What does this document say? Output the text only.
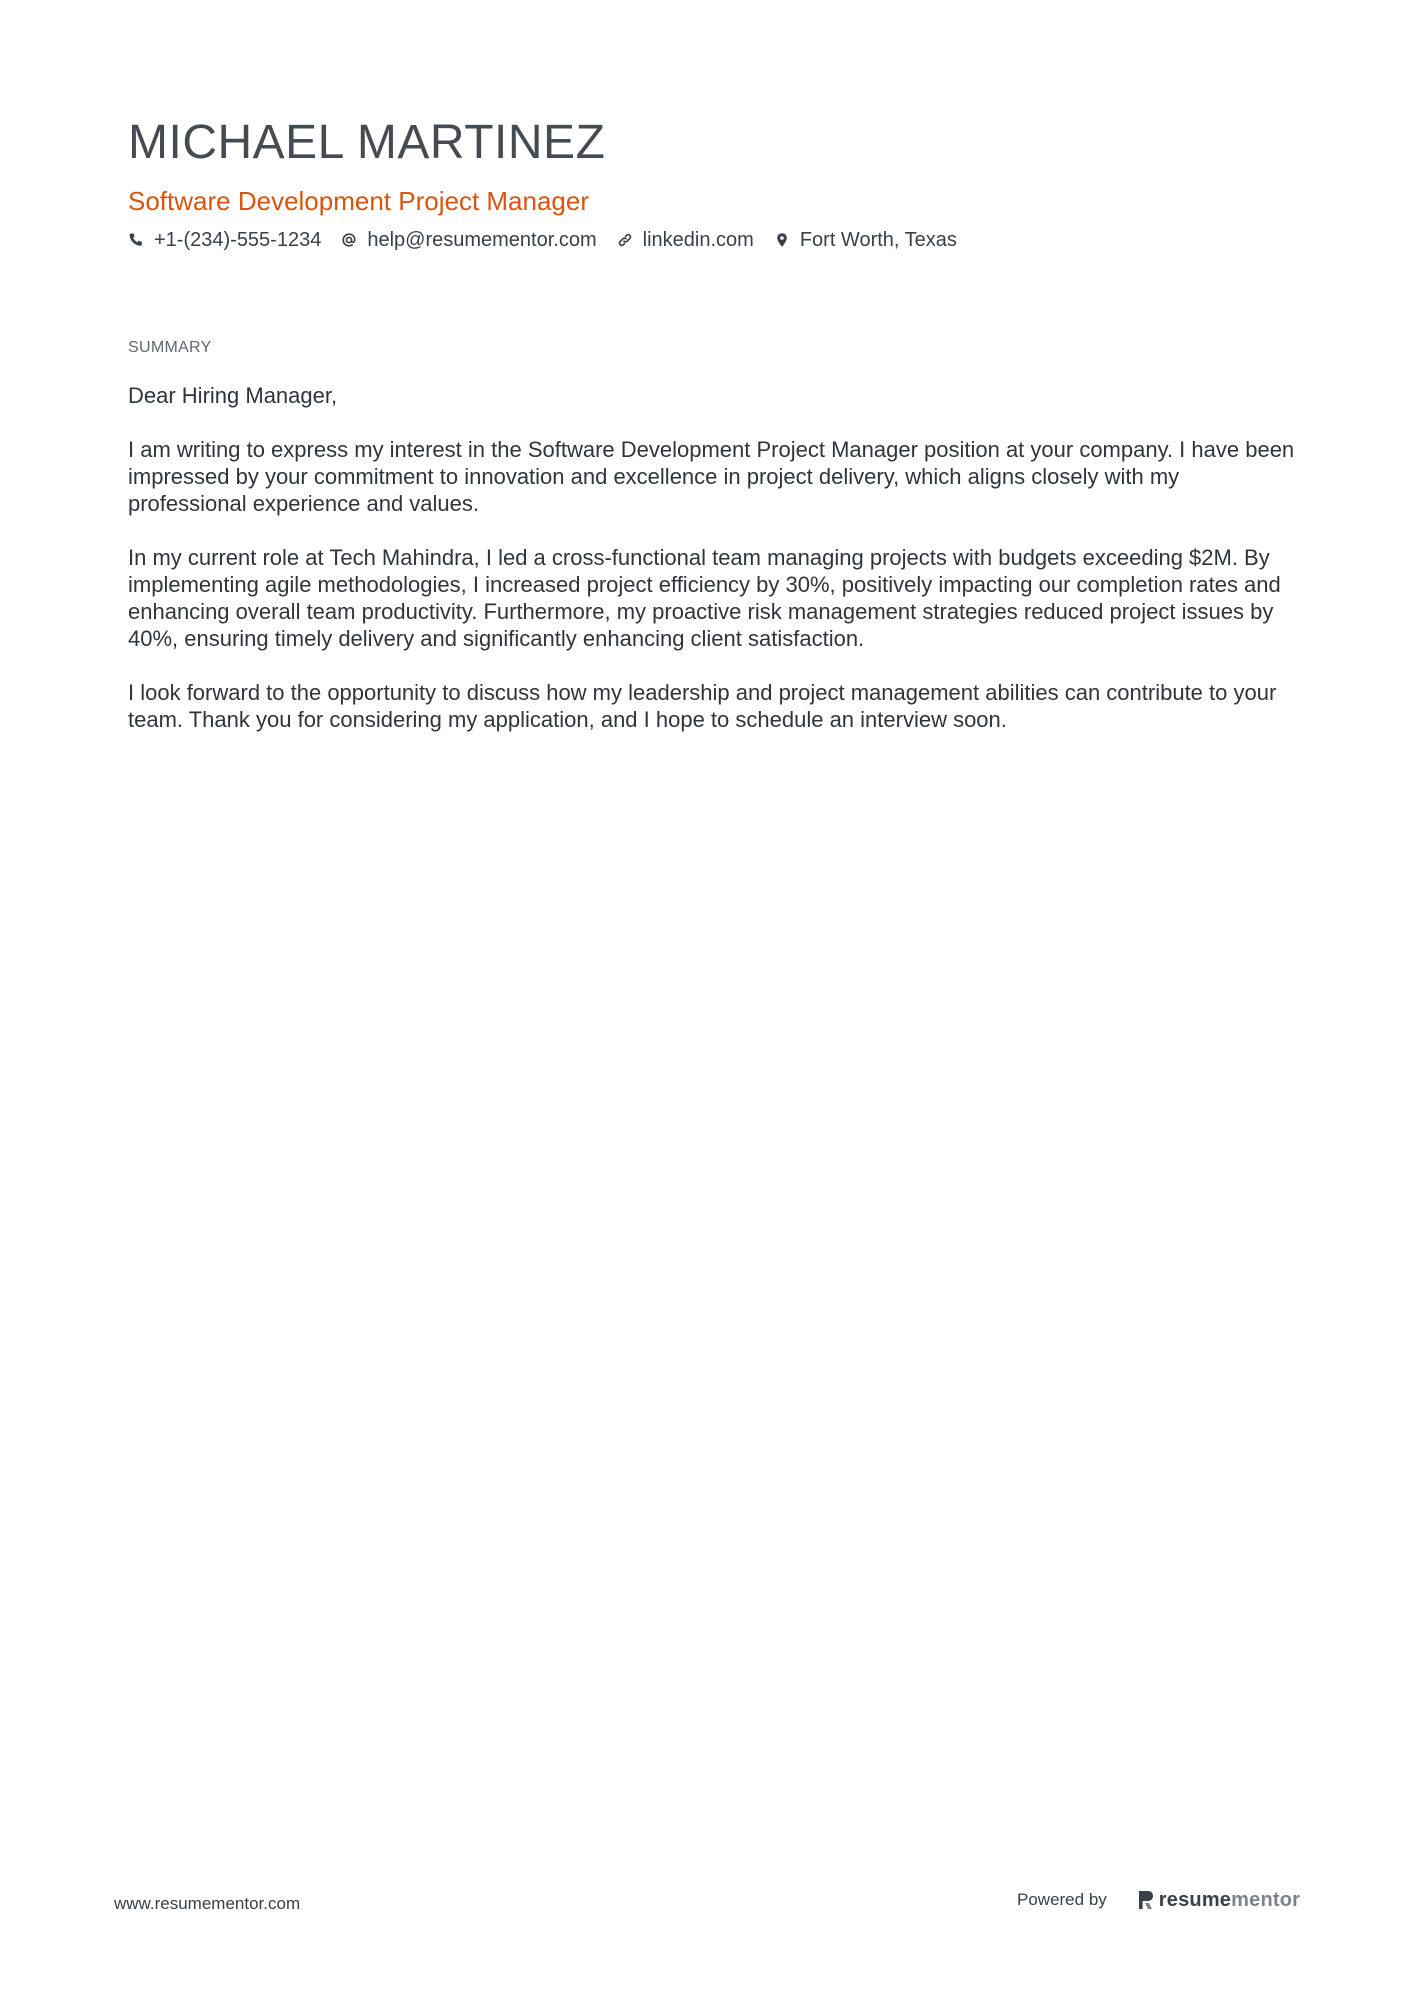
MICHAEL MARTINEZ
Software Development Project Manager
+1-(234)-555-1234 help@resumementor.com linkedin.com Fort Worth, Texas
SUMMARY

Dear Hiring Manager,

I am writing to express my interest in the Software Development Project Manager position at your company. I have been impressed by your commitment to innovation and excellence in project delivery, which aligns closely with my professional experience and values.

In my current role at Tech Mahindra, I led a cross-functional team managing projects with budgets exceeding $2M. By implementing agile methodologies, I increased project efficiency by 30%, positively impacting our completion rates and enhancing overall team productivity. Furthermore, my proactive risk management strategies reduced project issues by 40%, ensuring timely delivery and significantly enhancing client satisfaction.

I look forward to the opportunity to discuss how my leadership and project management abilities can contribute to your team. Thank you for considering my application, and I hope to schedule an interview soon.

www.resumementor.com	Powered by	resume mentor
